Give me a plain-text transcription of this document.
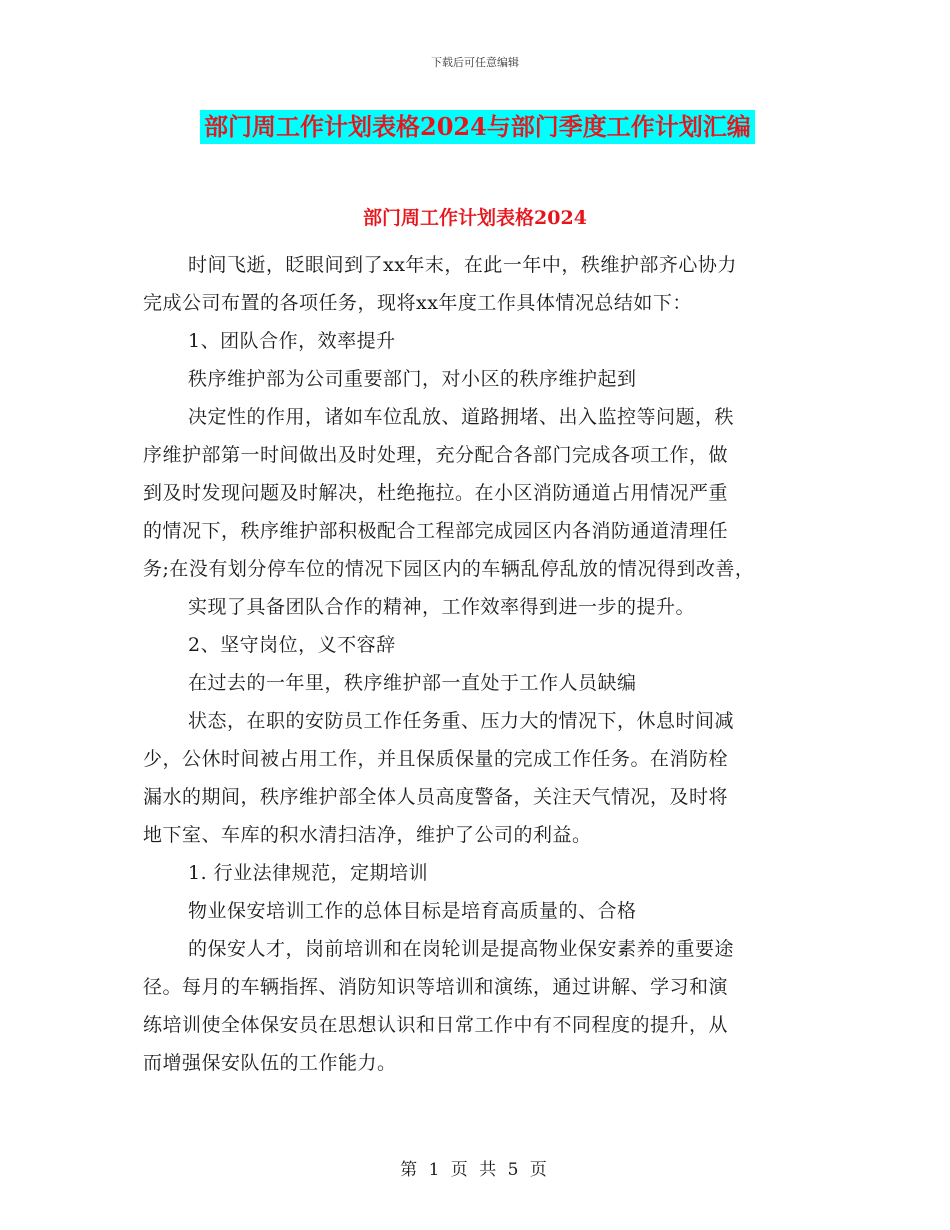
下载后可任意编辑
部门周工作计划表格2024与部门季度工作计划汇编
部门周工作计划表格2024
时间飞逝，眨眼间到了xx年末，在此一年中，秩维护部齐心协力
完成公司布置的各项任务，现将xx年度工作具体情况总结如下：
1、团队合作，效率提升
秩序维护部为公司重要部门，对小区的秩序维护起到
决定性的作用，诸如车位乱放、道路拥堵、出入监控等问题，秩
序维护部第一时间做出及时处理，充分配合各部门完成各项工作，做
到及时发现问题及时解决，杜绝拖拉。在小区消防通道占用情况严重
的情况下，秩序维护部积极配合工程部完成园区内各消防通道清理任
务;在没有划分停车位的情况下园区内的车辆乱停乱放的情况得到改善，
实现了具备团队合作的精神，工作效率得到进一步的提升。
2、坚守岗位，义不容辞
在过去的一年里，秩序维护部一直处于工作人员缺编
状态，在职的安防员工作任务重、压力大的情况下，休息时间减
少，公休时间被占用工作，并且保质保量的完成工作任务。在消防栓
漏水的期间，秩序维护部全体人员高度警备，关注天气情况，及时将
地下室、车库的积水清扫洁净，维护了公司的利益。
1. 行业法律规范，定期培训
物业保安培训工作的总体目标是培育高质量的、合格
的保安人才，岗前培训和在岗轮训是提高物业保安素养的重要途
径。每月的车辆指挥、消防知识等培训和演练，通过讲解、学习和演
练培训使全体保安员在思想认识和日常工作中有不同程度的提升，从
而增强保安队伍的工作能力。
第 1 页 共 5 页
